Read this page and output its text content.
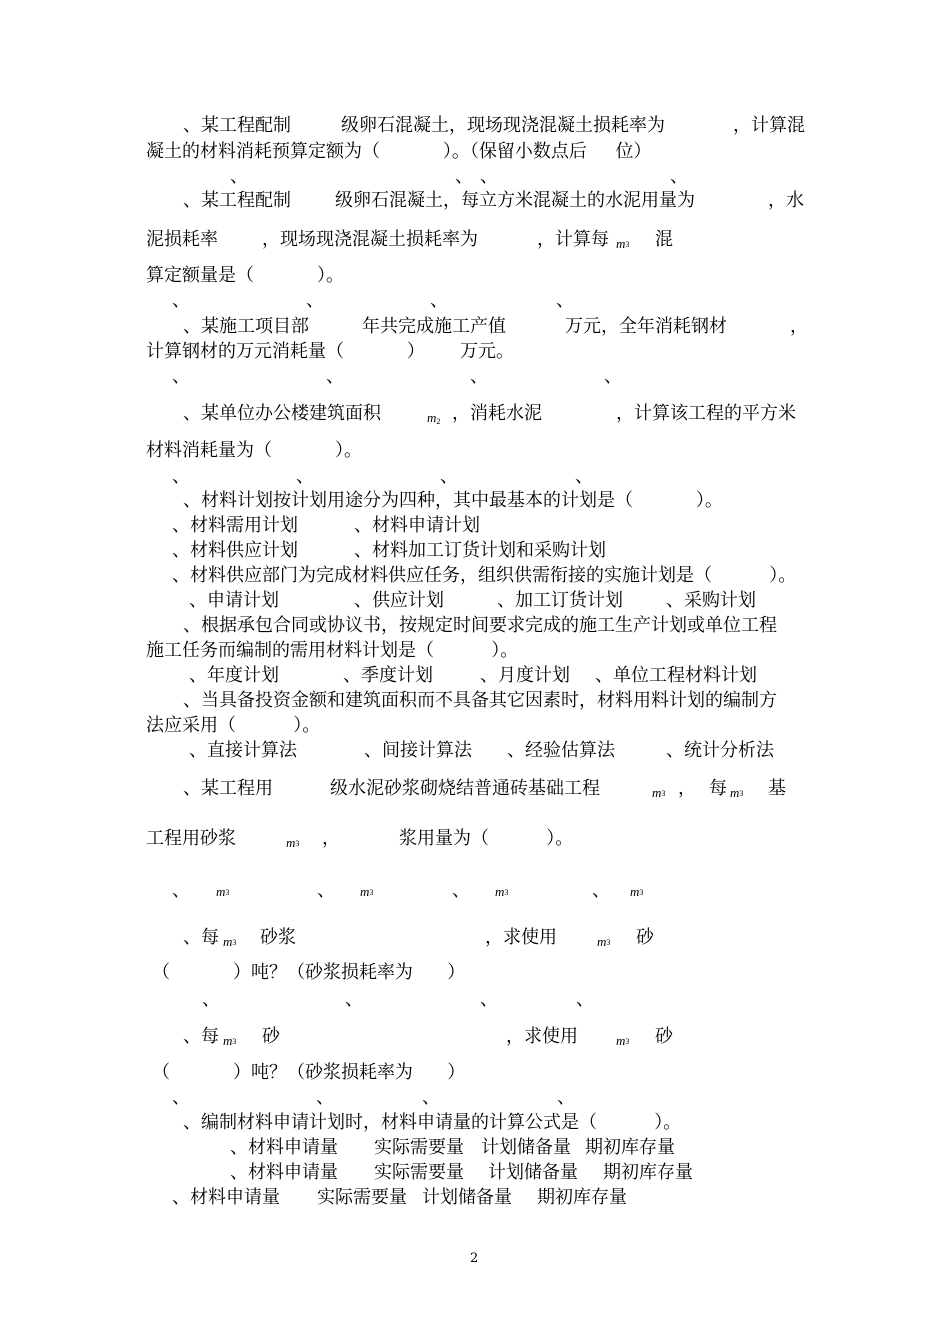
、某工程配制	级卵石混凝土，现场现浇混凝土损耗率为	，计算混
凝土的材料消耗预算定额为（           ）。（保留小数点后     位）
、	、 、	、
、某工程配制 级卵石混凝土，每立方米混凝土的水泥用量为	，水
泥损耗率 ，现场现浇混凝土损耗率为	，计算每 $m^3$ 混
算定额量是（           ）。
、	、	、	、
、某施工项目部	年共完成施工产值	万元，全年消耗钢材	，
计算钢材的万元消耗量（           ） 万元。
、	、	、	、
、某单位办公楼建筑面积	m2 ，消耗水泥	，计算该工程的平方米
材料消耗量为（           ）。
、	、	、	、
、材料计划按计划用途分为四种，其中最基本的计划是（           ）。
、材料需用计划	、材料申请计划
、材料供应计划	、材料加工订货计划和采购计划
、材料供应部门为完成材料供应任务，组织供需衔接的实施计划是（          ）。
、申请计划	、供应计划	、加工订货计划 、采购计划
、根据承包合同或协议书，按规定时间要求完成的施工生产计划或单位工程
施工任务而编制的需用材料计划是（          ）。
、年度计划	、季度计划	、月度计划 、单位工程材料计划
、当具备投资金额和建筑面积而不具备其它因素时，材料用料计划的编制方
法应采用（          ）。
、直接计算法	、间接计算法 、经验估算法	、统计分析法
、某工程用	级水泥砂浆砌烧结普通砖基础工程	$m^3$ ， 每 $m^3$ 基
工程用砂浆	$m^3$ ，	浆用量为（          ）。
、 $m^3$	、 $m^3$	、 $m^3$	、 $m^3$
、每 $m^3$ 砂浆	，求使用	$m^3$ 砂
（           ）吨？（砂浆损耗率为      ）
、	、	、	、
、每 $m^3$ 砂	，求使用	$m^3$ 砂
（           ）吨？（砂浆损耗率为      ）
、	、	、	、
、编制材料申请计划时，材料申请量的计算公式是（          ）。
、材料申请量 实际需要量 计划储备量 期初库存量
、材料申请量 实际需要量 计划储备量 期初库存量
、材料申请量 实际需要量 计划储备量 期初库存量
2
